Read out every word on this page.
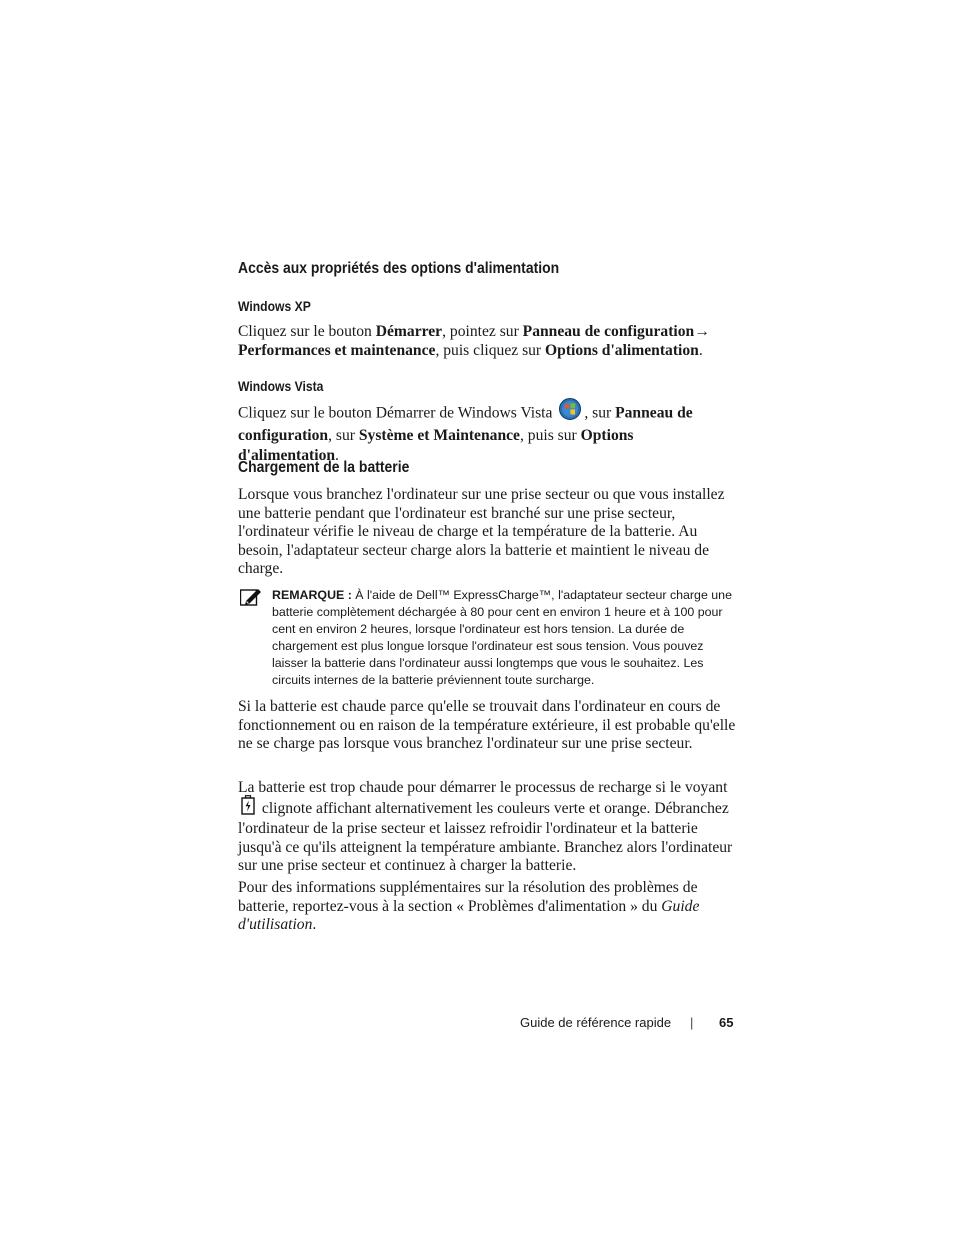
Accès aux propriétés des options d'alimentation
Windows XP
Cliquez sur le bouton Démarrer, pointez sur Panneau de configuration→
Performances et maintenance, puis cliquez sur Options d'alimentation.
Windows Vista
Cliquez sur le bouton Démarrer de Windows Vista , sur Panneau de configuration, sur Système et Maintenance, puis sur Options d'alimentation.
Chargement de la batterie
Lorsque vous branchez l'ordinateur sur une prise secteur ou que vous installez une batterie pendant que l'ordinateur est branché sur une prise secteur, l'ordinateur vérifie le niveau de charge et la température de la batterie. Au besoin, l'adaptateur secteur charge alors la batterie et maintient le niveau de charge.
REMARQUE : À l'aide de Dell™ ExpressCharge™, l'adaptateur secteur charge une batterie complètement déchargée à 80 pour cent en environ 1 heure et à 100 pour cent en environ 2 heures, lorsque l'ordinateur est hors tension. La durée de chargement est plus longue lorsque l'ordinateur est sous tension. Vous pouvez laisser la batterie dans l'ordinateur aussi longtemps que vous le souhaitez. Les circuits internes de la batterie préviennent toute surcharge.
Si la batterie est chaude parce qu'elle se trouvait dans l'ordinateur en cours de fonctionnement ou en raison de la température extérieure, il est probable qu'elle ne se charge pas lorsque vous branchez l'ordinateur sur une prise secteur.
La batterie est trop chaude pour démarrer le processus de recharge si le voyant  clignote affichant alternativement les couleurs verte et orange. Débranchez l'ordinateur de la prise secteur et laissez refroidir l'ordinateur et la batterie jusqu'à ce qu'ils atteignent la température ambiante. Branchez alors l'ordinateur sur une prise secteur et continuez à charger la batterie.
Pour des informations supplémentaires sur la résolution des problèmes de batterie, reportez-vous à la section « Problèmes d'alimentation » du Guide d'utilisation.
Guide de référence rapide | 65
